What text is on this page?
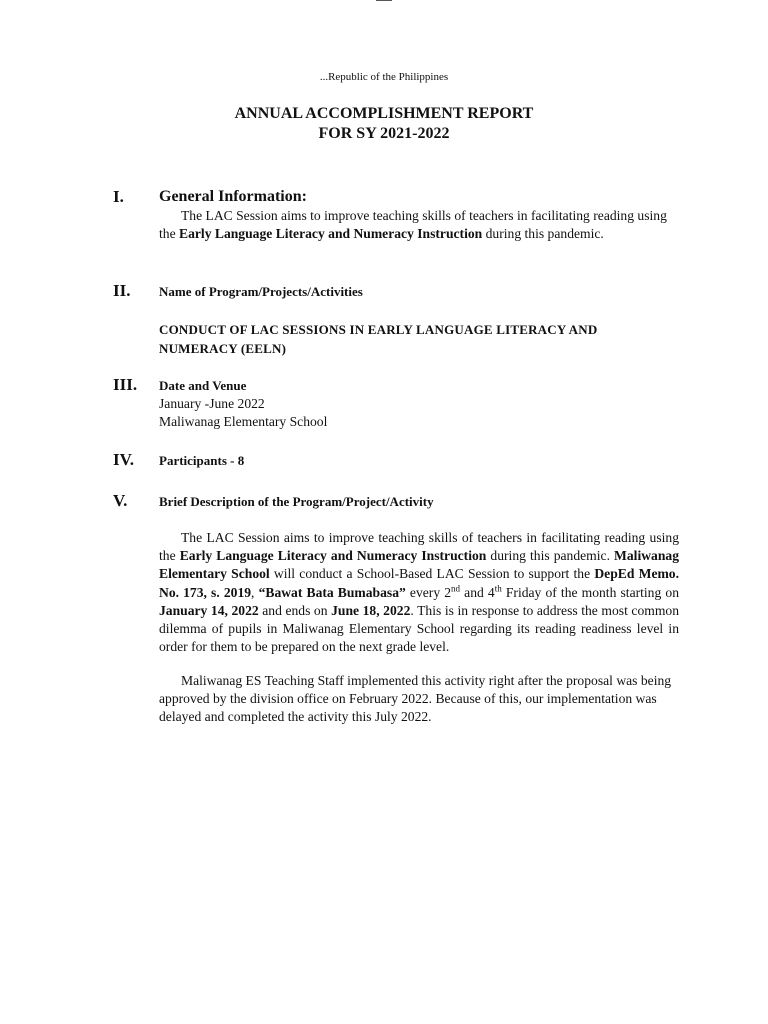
...Republic of the Philippines
ANNUAL ACCOMPLISHMENT REPORT
FOR SY 2021-2022
I. General Information:
The LAC Session aims to improve teaching skills of teachers in facilitating reading using the Early Language Literacy and Numeracy Instruction during this pandemic.
II. Name of Program/Projects/Activities
CONDUCT OF LAC SESSIONS IN EARLY LANGUAGE LITERACY AND NUMERACY (EELN)
III. Date and Venue
January -June 2022
Maliwanag Elementary School
IV. Participants - 8
V. Brief Description of the Program/Project/Activity
The LAC Session aims to improve teaching skills of teachers in facilitating reading using the Early Language Literacy and Numeracy Instruction during this pandemic. Maliwanag Elementary School will conduct a School-Based LAC Session to support the DepEd Memo. No. 173, s. 2019, “Bawat Bata Bumabasa” every 2nd and 4th Friday of the month starting on January 14, 2022 and ends on June 18, 2022. This is in response to address the most common dilemma of pupils in Maliwanag Elementary School regarding its reading readiness level in order for them to be prepared on the next grade level.
Maliwanag ES Teaching Staff implemented this activity right after the proposal was being approved by the division office on February 2022. Because of this, our implementation was delayed and completed the activity this July 2022.
